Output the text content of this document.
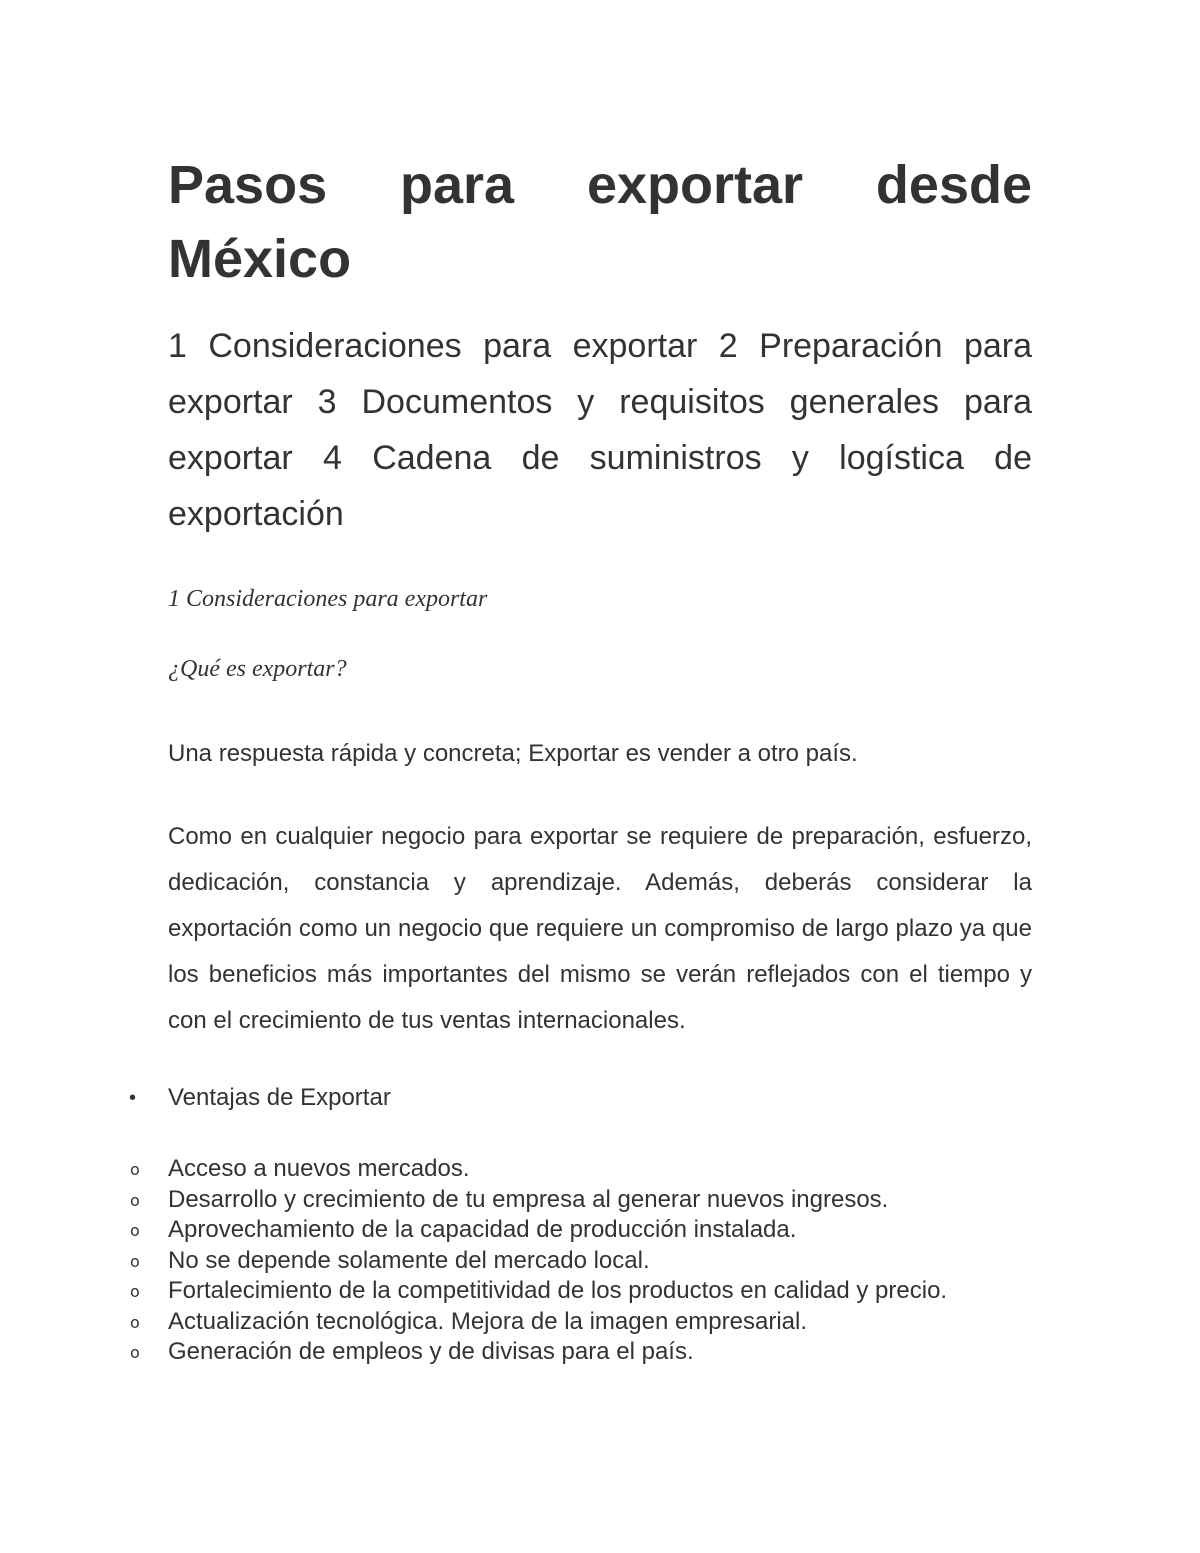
Pasos para exportar desde México

1 Consideraciones para exportar 2 Preparación para exportar 3 Documentos y requisitos generales para exportar 4 Cadena de suministros y logística de exportación

1 Consideraciones para exportar

¿Qué es exportar?

Una respuesta rápida y concreta; Exportar es vender a otro país.

Como en cualquier negocio para exportar se requiere de preparación, esfuerzo, dedicación, constancia y aprendizaje. Además, deberás considerar la exportación como un negocio que requiere un compromiso de largo plazo ya que los beneficios más importantes del mismo se verán reflejados con el tiempo y con el crecimiento de tus ventas internacionales.

• Ventajas de Exportar
o Acceso a nuevos mercados.
o Desarrollo y crecimiento de tu empresa al generar nuevos ingresos.
o Aprovechamiento de la capacidad de producción instalada.
o No se depende solamente del mercado local.
o Fortalecimiento de la competitividad de los productos en calidad y precio.
o Actualización tecnológica. Mejora de la imagen empresarial.
o Generación de empleos y de divisas para el país.
